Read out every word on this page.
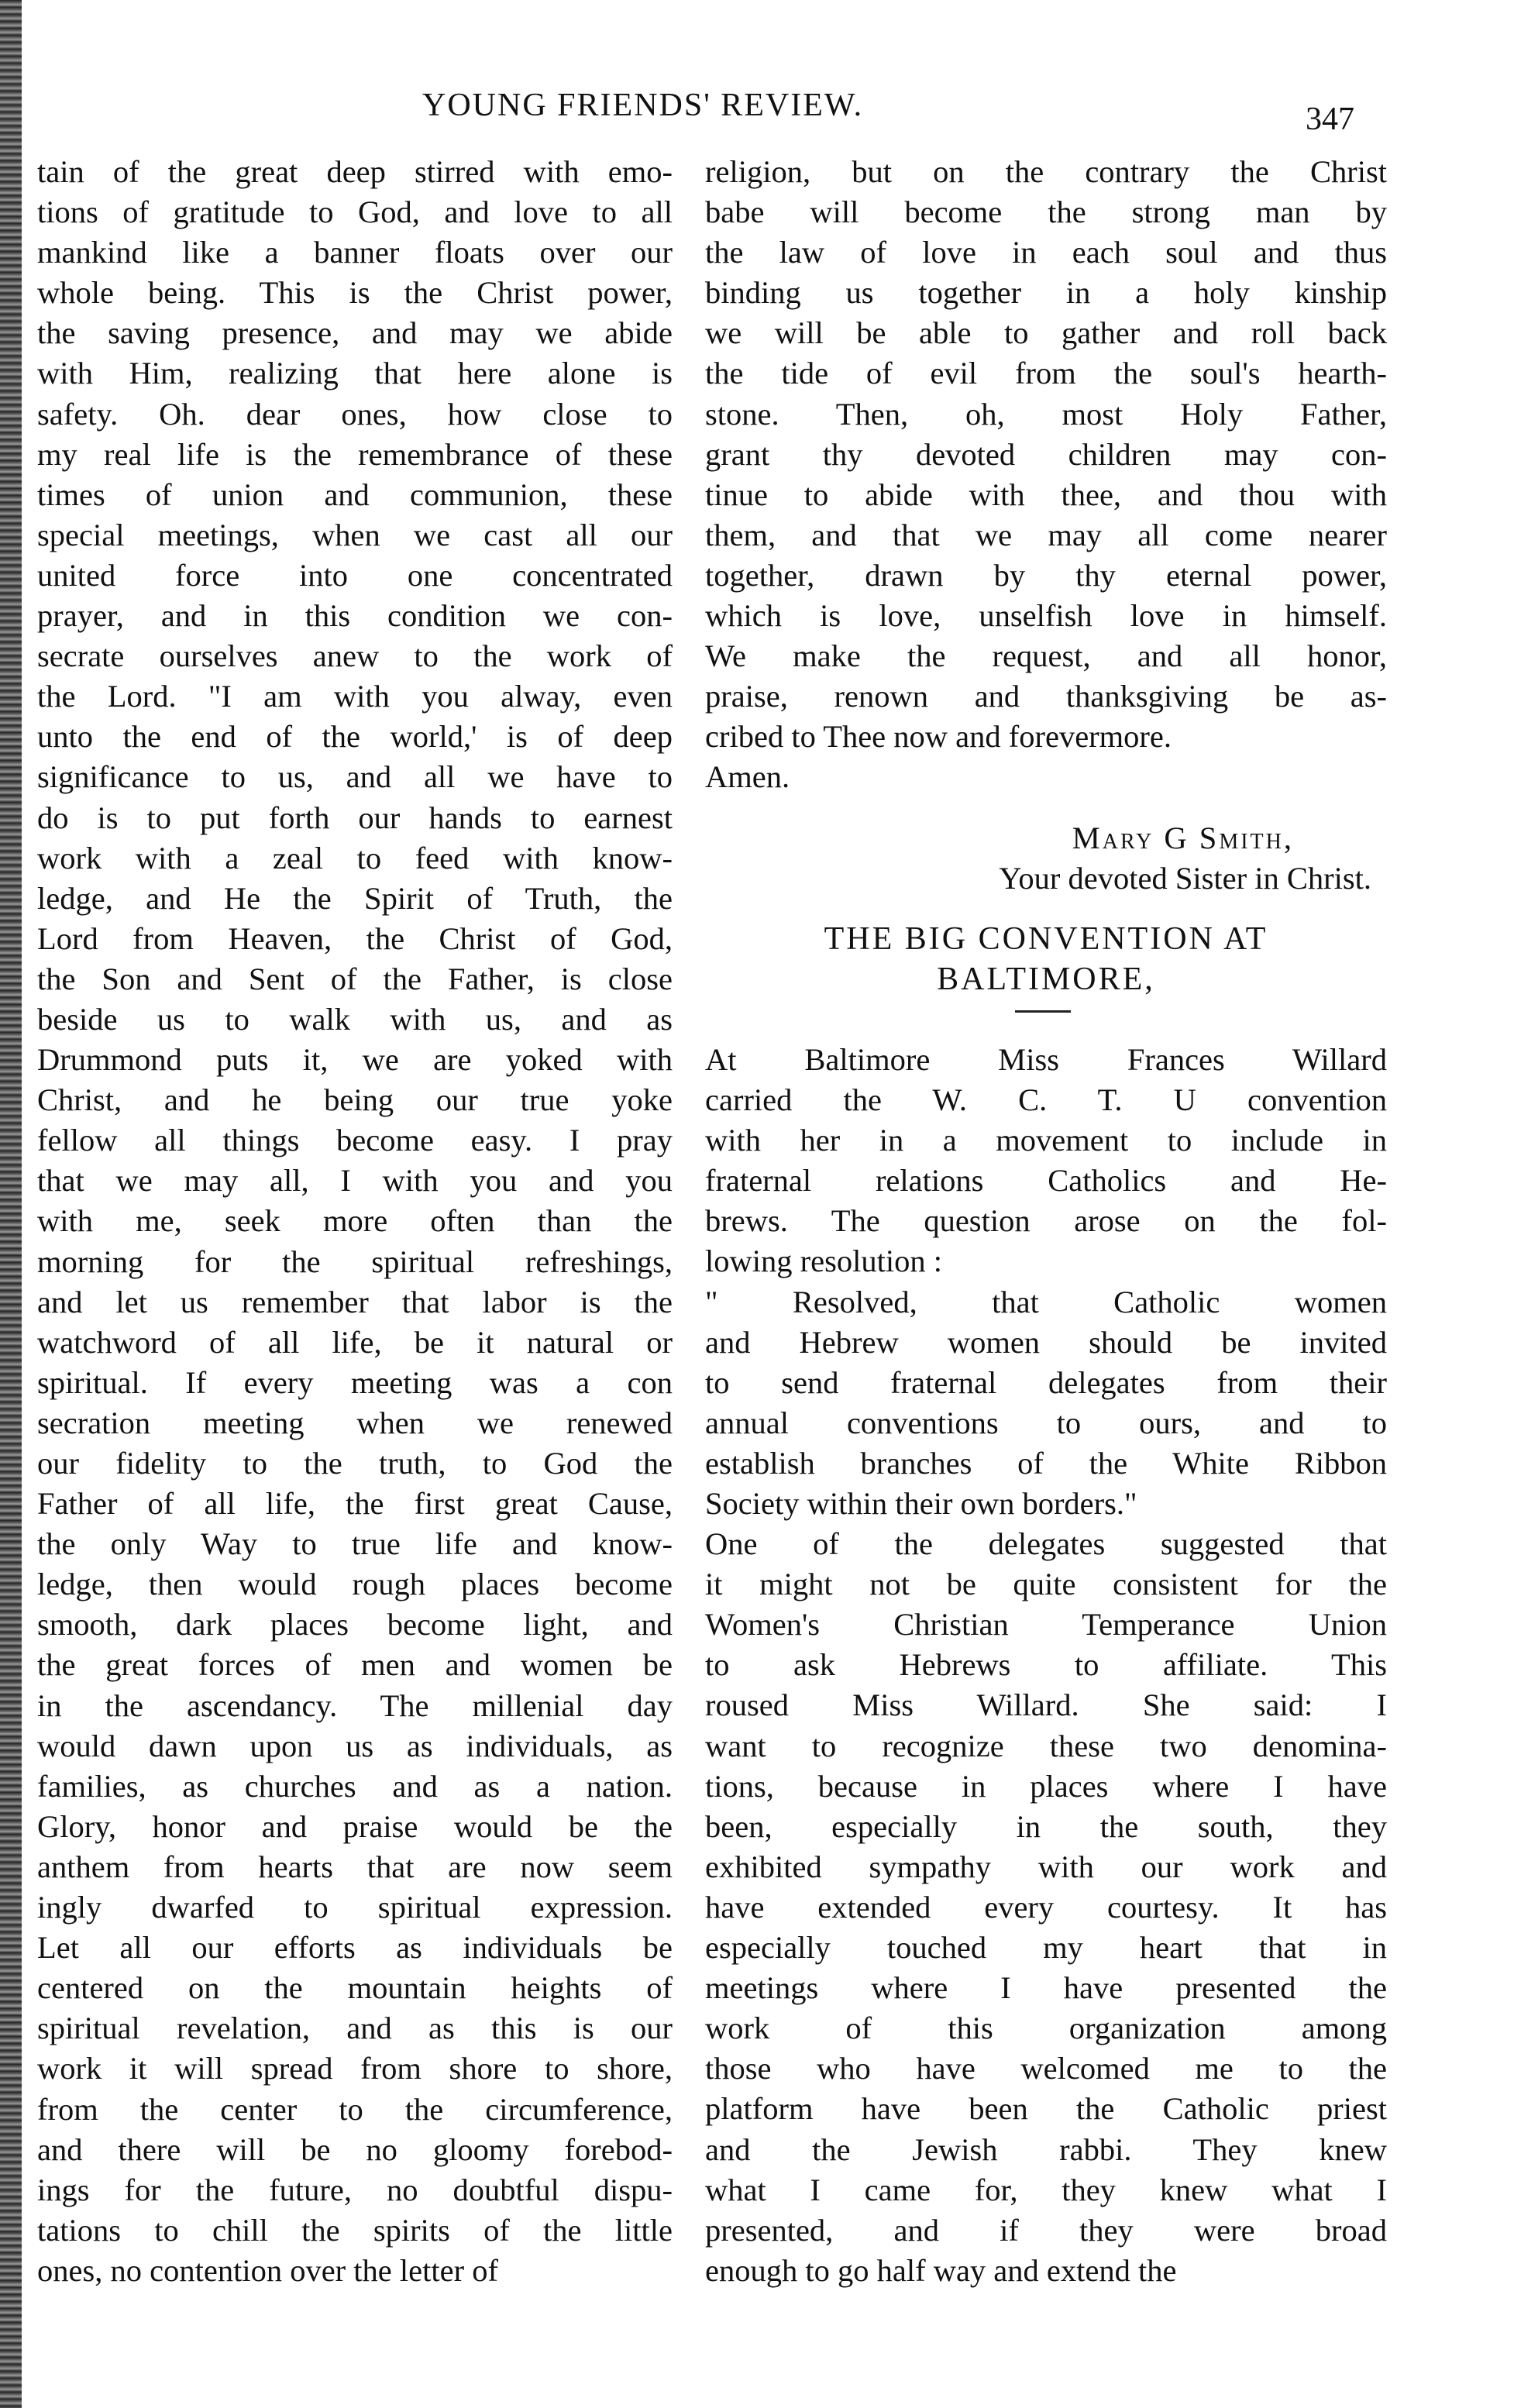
YOUNG FRIENDS' REVIEW.	347
tain of the great deep stirred with emo-
tions of gratitude to God, and love to all
mankind like a banner floats over our
whole being. This is the Christ power,
the saving presence, and may we abide
with Him, realizing that here alone is
safety. Oh. dear ones, how close to
my real life is the remembrance of these
times of union and communion, these
special meetings, when we cast all our
united force into one concentrated
prayer, and in this condition we con-
secrate ourselves anew to the work of
the Lord. "I am with you alway, even
unto the end of the world,' is of deep
significance to us, and all we have to
do is to put forth our hands to earnest
work with a zeal to feed with know-
ledge, and He the Spirit of Truth, the
Lord from Heaven, the Christ of God,
the Son and Sent of the Father, is close
beside us to walk with us, and as
Drummond puts it, we are yoked with
Christ, and he being our true yoke
fellow all things become easy. I pray
that we may all, I with you and you
with me, seek more often than the
morning for the spiritual refreshings,
and let us remember that labor is the
watchword of all life, be it natural or
spiritual. If every meeting was a con
secration meeting when we renewed
our fidelity to the truth, to God the
Father of all life, the first great Cause,
the only Way to true life and know-
ledge, then would rough places become
smooth, dark places become light, and
the great forces of men and women be
in the ascendancy. The millenial day
would dawn upon us as individuals, as
families, as churches and as a nation.
Glory, honor and praise would be the
anthem from hearts that are now seem
ingly dwarfed to spiritual expression.
Let all our efforts as individuals be
centered on the mountain heights of
spiritual revelation, and as this is our
work it will spread from shore to shore,
from the center to the circumference,
and there will be no gloomy forebod-
ings for the future, no doubtful dispu-
tations to chill the spirits of the little
ones, no contention over the letter of
religion, but on the contrary the Christ
babe will become the strong man by
the law of love in each soul and thus
binding us together in a holy kinship
we will be able to gather and roll back
the tide of evil from the soul's hearth-
stone. Then, oh, most Holy Father,
grant thy devoted children may con-
tinue to abide with thee, and thou with
them, and that we may all come nearer
together, drawn by thy eternal power,
which is love, unselfish love in himself.
We make the request, and all honor,
praise, renown and thanksgiving be as-
cribed to Thee now and forevermore.
Amen.
Mary G Smith,
Your devoted Sister in Christ.
THE BIG CONVENTION AT
BALTIMORE,
At Baltimore Miss Frances Willard
carried the W. C. T. U convention
with her in a movement to include in
fraternal relations Catholics and He-
brews. The question arose on the fol-
lowing resolution :
" Resolved, that Catholic women
and Hebrew women should be invited
to send fraternal delegates from their
annual conventions to ours, and to
establish branches of the White Ribbon
Society within their own borders."
One of the delegates suggested that
it might not be quite consistent for the
Women's Christian Temperance Union
to ask Hebrews to affiliate. This
roused Miss Willard. She said: I
want to recognize these two denomina-
tions, because in places where I have
been, especially in the south, they
exhibited sympathy with our work and
have extended every courtesy. It has
especially touched my heart that in
meetings where I have presented the
work of this organization among
those who have welcomed me to the
platform have been the Catholic priest
and the Jewish rabbi. They knew
what I came for, they knew what I
presented, and if they were broad
enough to go half way and extend the
